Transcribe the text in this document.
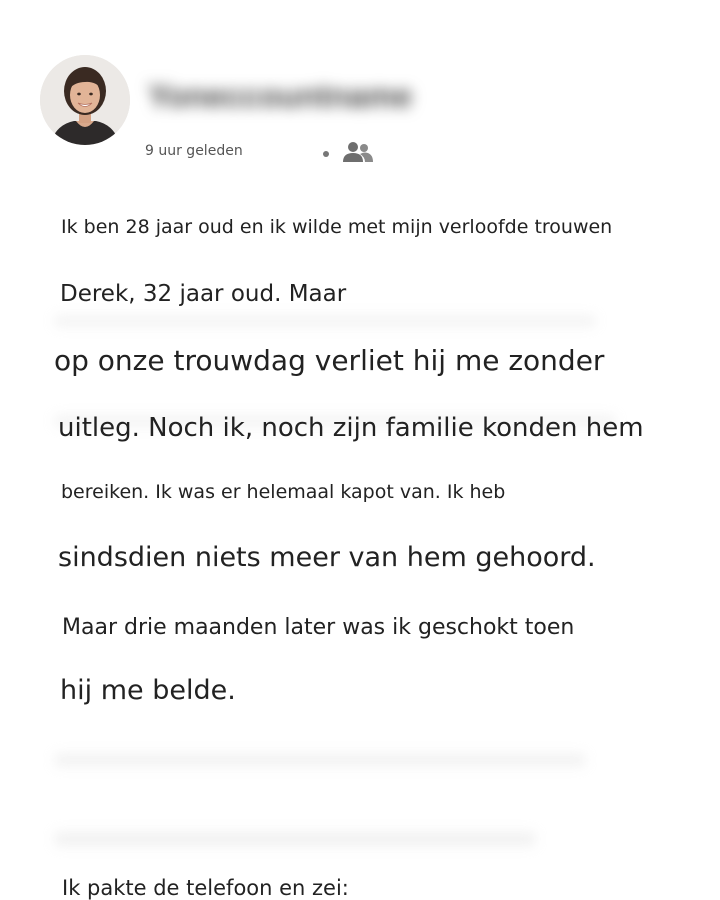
Yoneccountname
9 uur geleden
Ik ben 28 jaar oud en ik wilde met mijn verloofde trouwen
Derek, 32 jaar oud. Maar
op onze trouwdag verliet hij me zonder
uitleg. Noch ik, noch zijn familie konden hem
bereiken. Ik was er helemaal kapot van. Ik heb
sindsdien niets meer van hem gehoord.
Maar drie maanden later was ik geschokt toen
hij me belde.
Ik pakte de telefoon en zei:
